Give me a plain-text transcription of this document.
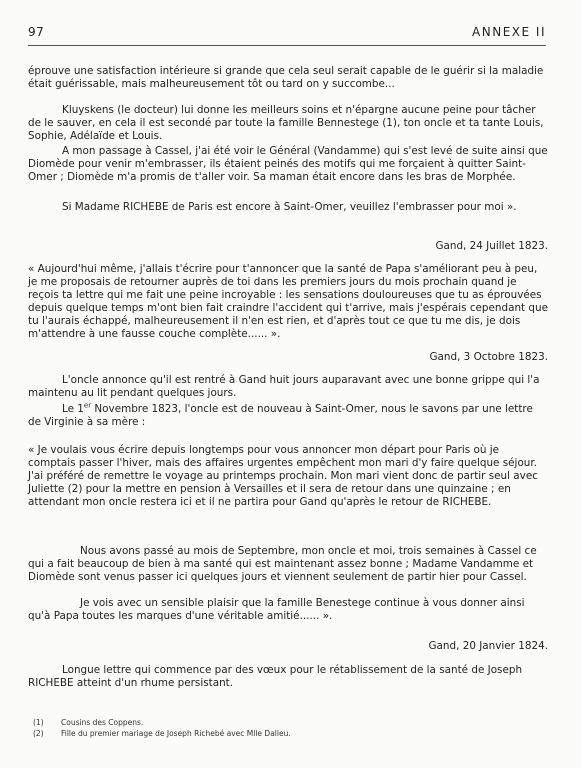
97	ANNEXE II

éprouve une satisfaction intérieure si grande que cela seul serait capable de le guérir si la maladie était guérissable, mais malheureusement tôt ou tard on y succombe...

Kluyskens (le docteur) lui donne les meilleurs soins et n'épargne aucune peine pour tâcher de le sauver, en cela il est secondé par toute la famille Bennestege (1), ton oncle et ta tante Louis, Sophie, Adélaïde et Louis.

A mon passage à Cassel, j'ai été voir le Général (Vandamme) qui s'est levé de suite ainsi que Diomède pour venir m'embrasser, ils étaient peinés des motifs qui me forçaient à quitter Saint-Omer ; Diomède m'a promis de t'aller voir. Sa maman était encore dans les bras de Morphée.

Si Madame RICHEBE de Paris est encore à Saint-Omer, veuillez l'embrasser pour moi ».

Gand, 24 Juillet 1823.

« Aujourd'hui même, j'allais t'écrire pour t'annoncer que la santé de Papa s'améliorant peu à peu, je me proposais de retourner auprès de toi dans les premiers jours du mois prochain quand je reçois ta lettre qui me fait une peine incroyable : les sensations douloureuses que tu as éprouvées depuis quelque temps m'ont bien fait craindre l'accident qui t'arrive, mais j'espérais cependant que tu l'aurais échappé, malheureusement il n'en est rien, et d'après tout ce que tu me dis, je dois m'attendre à une fausse couche complète...... ».

Gand, 3 Octobre 1823.

L'oncle annonce qu'il est rentré à Gand huit jours auparavant avec une bonne grippe qui l'a maintenu au lit pendant quelques jours.

Le 1er Novembre 1823, l'oncle est de nouveau à Saint-Omer, nous le savons par une lettre de Virginie à sa mère :

« Je voulais vous écrire depuis longtemps pour vous annoncer mon départ pour Paris où je comptais passer l'hiver, mais des affaires urgentes empêchent mon mari d'y faire quelque séjour. J'ai préféré de remettre le voyage au printemps prochain. Mon mari vient donc de partir seul avec Juliette (2) pour la mettre en pension à Versailles et il sera de retour dans une quinzaine ; en attendant mon oncle restera ici et il ne partira pour Gand qu'après le retour de RICHEBE.

Nous avons passé au mois de Septembre, mon oncle et moi, trois semaines à Cassel ce qui a fait beaucoup de bien à ma santé qui est maintenant assez bonne ; Madame Vandamme et Diomède sont venus passer ici quelques jours et viennent seulement de partir hier pour Cassel.

Je vois avec un sensible plaisir que la famille Benestege continue à vous donner ainsi qu'à Papa toutes les marques d'une véritable amitié...... ».

Gand, 20 Janvier 1824.

Longue lettre qui commence par des vœux pour le rétablissement de la santé de Joseph RICHEBE atteint d'un rhume persistant.

(1) Cousins des Coppens.
(2) Fille du premier mariage de Joseph Richebé avec Mlle Dalleu.
